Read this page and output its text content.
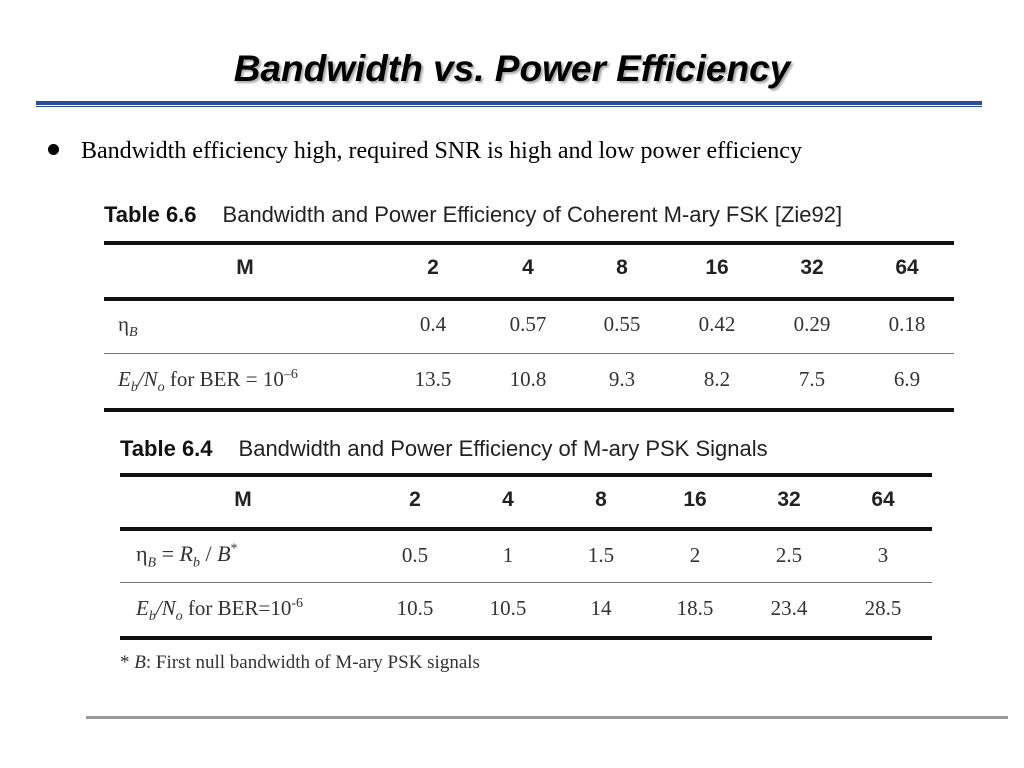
Bandwidth vs. Power Efficiency
Bandwidth efficiency high, required SNR is high and low power efficiency
Table 6.6 Bandwidth and Power Efficiency of Coherent M-ary FSK [Zie92]
M	2	4	8	16	32	64
$\eta_B$	0.4	0.57	0.55	0.42	0.29	0.18
$E_b/N_o$ for BER = $10^{-6}$	13.5	10.8	9.3	8.2	7.5	6.9
Table 6.4 Bandwidth and Power Efficiency of M-ary PSK Signals
M	2	4	8	16	32	64
$\eta_B = R_b / B^*$	0.5	1	1.5	2	2.5	3
$E_b/N_o$ for $BER=10^{-6}$	10.5	10.5	14	18.5	23.4	28.5
* B: First null bandwidth of M-ary PSK signals
